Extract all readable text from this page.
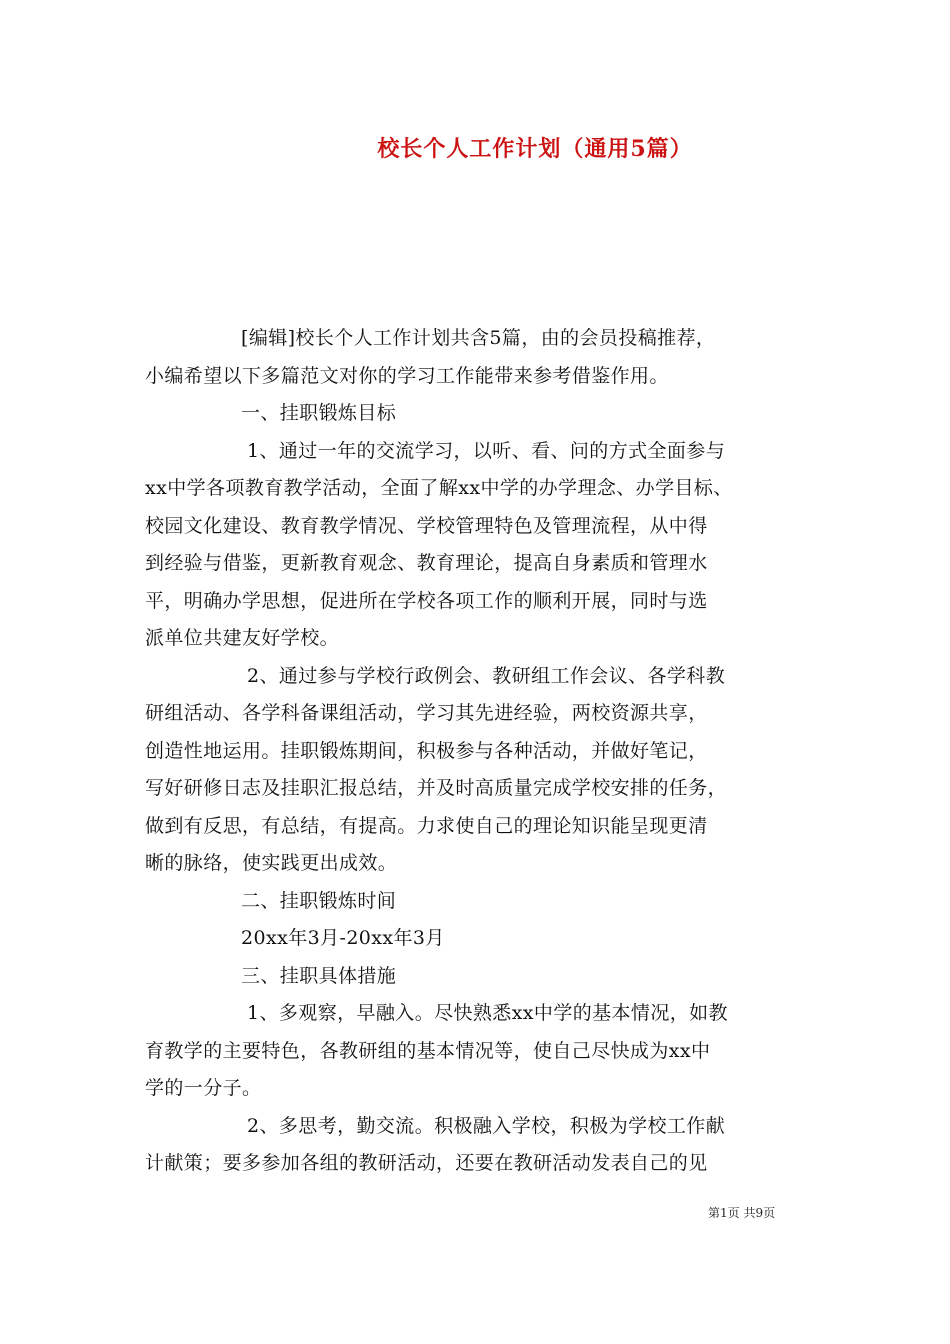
校长个人工作计划（通用5篇）
[编辑]校长个人工作计划共含5篇，由的会员投稿推荐，
小编希望以下多篇范文对你的学习工作能带来参考借鉴作用。
一、挂职锻炼目标
1、通过一年的交流学习，以听、看、问的方式全面参与
xx中学各项教育教学活动，全面了解xx中学的办学理念、办学目标、
校园文化建设、教育教学情况、学校管理特色及管理流程，从中得
到经验与借鉴，更新教育观念、教育理论，提高自身素质和管理水
平，明确办学思想，促进所在学校各项工作的顺利开展，同时与选
派单位共建友好学校。
2、通过参与学校行政例会、教研组工作会议、各学科教
研组活动、各学科备课组活动，学习其先进经验，两校资源共享，
创造性地运用。挂职锻炼期间，积极参与各种活动，并做好笔记，
写好研修日志及挂职汇报总结，并及时高质量完成学校安排的任务，
做到有反思，有总结，有提高。力求使自己的理论知识能呈现更清
晰的脉络，使实践更出成效。
二、挂职锻炼时间
20xx年3月-20xx年3月
三、挂职具体措施
1、多观察，早融入。尽快熟悉xx中学的基本情况，如教
育教学的主要特色，各教研组的基本情况等，使自己尽快成为xx中
学的一分子。
2、多思考，勤交流。积极融入学校，积极为学校工作献
计献策；要多参加各组的教研活动，还要在教研活动发表自己的见
第1页 共9页
